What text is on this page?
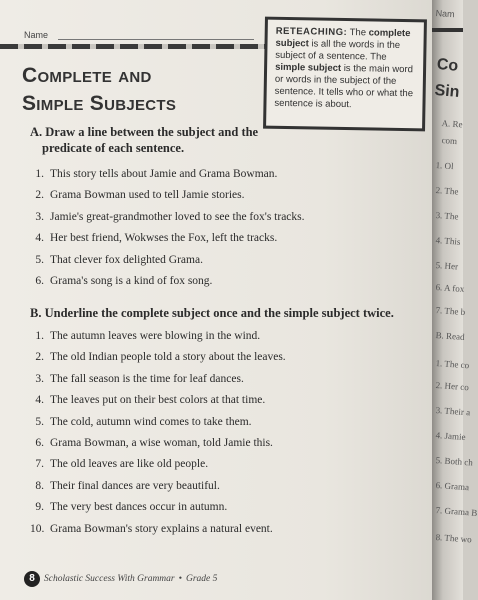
Name
Complete and
Simple Subjects
RETEACHING: The complete subject is all the words in the subject of a sentence. The simple subject is the main word or words in the subject of the sentence. It tells who or what the sentence is about.
A. Draw a line between the subject and the
predicate of each sentence.
1. This story tells about Jamie and Grama Bowman.
2. Grama Bowman used to tell Jamie stories.
3. Jamie's great-grandmother loved to see the fox's tracks.
4. Her best friend, Wokwses the Fox, left the tracks.
5. That clever fox delighted Grama.
6. Grama's song is a kind of fox song.
B. Underline the complete subject once and the simple subject twice.
1. The autumn leaves were blowing in the wind.
2. The old Indian people told a story about the leaves.
3. The fall season is the time for leaf dances.
4. The leaves put on their best colors at that time.
5. The cold, autumn wind comes to take them.
6. Grama Bowman, a wise woman, told Jamie this.
7. The old leaves are like old people.
8. Their final dances are very beautiful.
9. The very best dances occur in autumn.
10. Grama Bowman's story explains a natural event.
8 Scholastic Success With Grammar • Grade 5
Nam
Co
Sin
A. Re
com
1. Ol
2. The
3. The
4. This
5. Her
6. A fox
7. The b
B. Read
1. The co
2. Her co
3. Their a
4. Jamie
5. Both ch
6. Grama
7. Grama B
8. The wo
